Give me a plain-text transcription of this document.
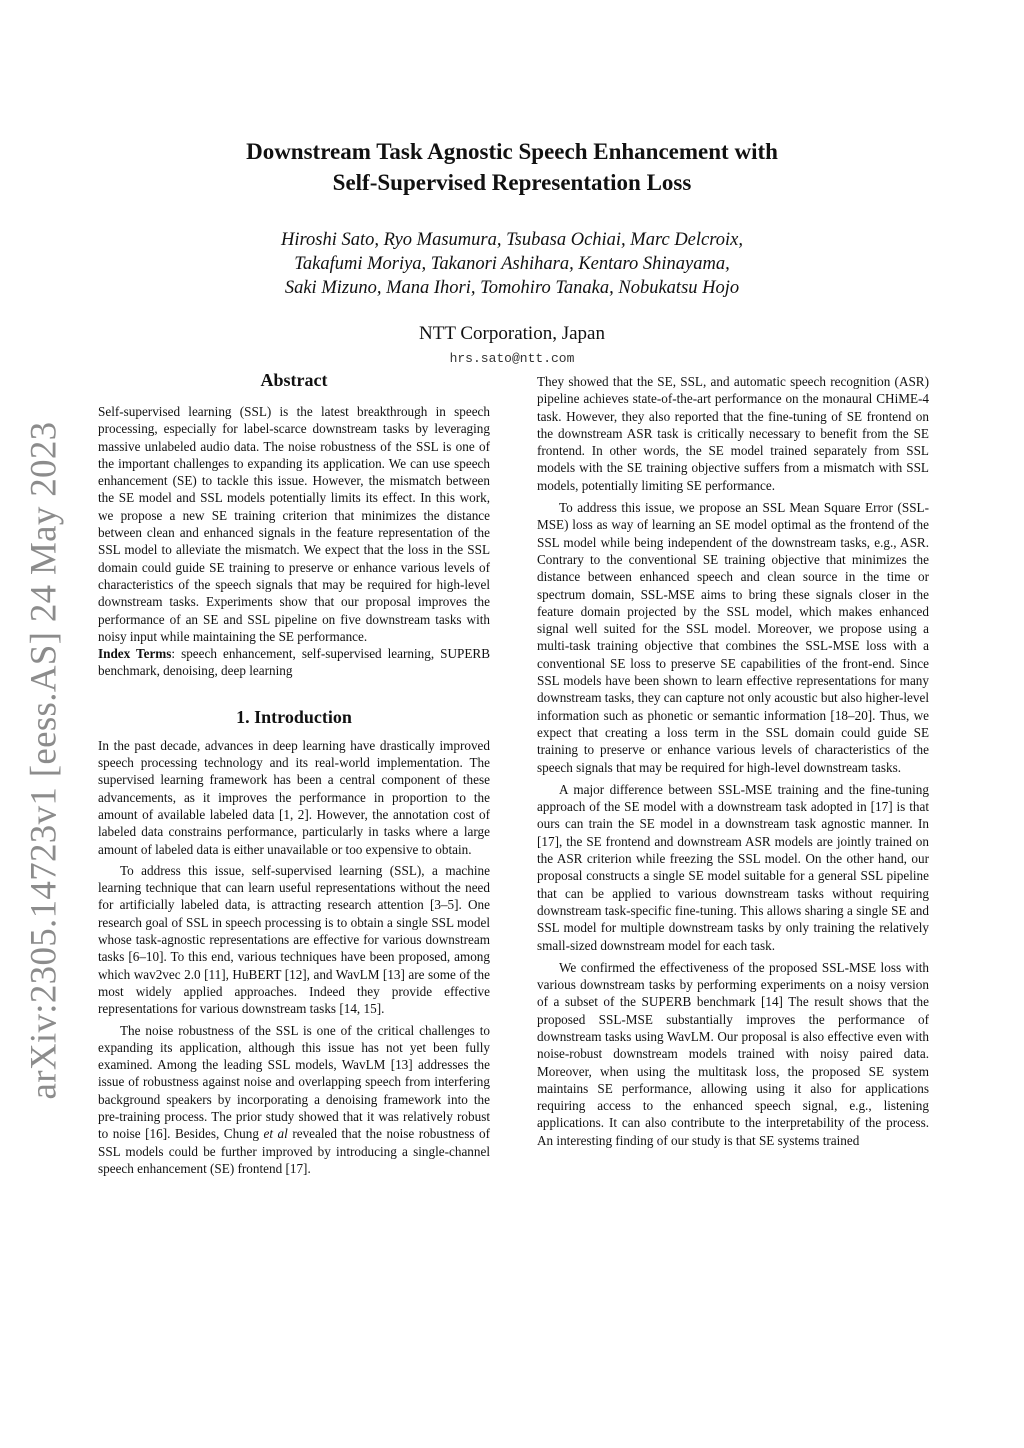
arXiv:2305.14723v1 [eess.AS] 24 May 2023
Downstream Task Agnostic Speech Enhancement with
Self-Supervised Representation Loss
Hiroshi Sato, Ryo Masumura, Tsubasa Ochiai, Marc Delcroix,
Takafumi Moriya, Takanori Ashihara, Kentaro Shinayama,
Saki Mizuno, Mana Ihori, Tomohiro Tanaka, Nobukatsu Hojo
NTT Corporation, Japan
hrs.sato@ntt.com
Abstract

Self-supervised learning (SSL) is the latest breakthrough in speech processing, especially for label-scarce downstream tasks by leveraging massive unlabeled audio data. The noise robustness of the SSL is one of the important challenges to expanding its application. We can use speech enhancement (SE) to tackle this issue. However, the mismatch between the SE model and SSL models potentially limits its effect. In this work, we propose a new SE training criterion that minimizes the distance between clean and enhanced signals in the feature representation of the SSL model to alleviate the mismatch. We expect that the loss in the SSL domain could guide SE training to preserve or enhance various levels of characteristics of the speech signals that may be required for high-level downstream tasks. Experiments show that our proposal improves the performance of an SE and SSL pipeline on five downstream tasks with noisy input while maintaining the SE performance.

Index Terms: speech enhancement, self-supervised learning, SUPERB benchmark, denoising, deep learning

1. Introduction

In the past decade, advances in deep learning have drastically improved speech processing technology and its real-world implementation. The supervised learning framework has been a central component of these advancements, as it improves the performance in proportion to the amount of available labeled data [1, 2]. However, the annotation cost of labeled data constrains performance, particularly in tasks where a large amount of labeled data is either unavailable or too expensive to obtain.

To address this issue, self-supervised learning (SSL), a machine learning technique that can learn useful representations without the need for artificially labeled data, is attracting research attention [3–5]. One research goal of SSL in speech processing is to obtain a single SSL model whose task-agnostic representations are effective for various downstream tasks [6–10]. To this end, various techniques have been proposed, among which wav2vec 2.0 [11], HuBERT [12], and WavLM [13] are some of the most widely applied approaches. Indeed they provide effective representations for various downstream tasks [14, 15].

The noise robustness of the SSL is one of the critical challenges to expanding its application, although this issue has not yet been fully examined. Among the leading SSL models, WavLM [13] addresses the issue of robustness against noise and overlapping speech from interfering background speakers by incorporating a denoising framework into the pre-training process. The prior study showed that it was relatively robust to noise [16]. Besides, Chung et al revealed that the noise robustness of SSL models could be further improved by introducing a single-channel speech enhancement (SE) frontend [17].

They showed that the SE, SSL, and automatic speech recognition (ASR) pipeline achieves state-of-the-art performance on the monaural CHiME-4 task. However, they also reported that the fine-tuning of SE frontend on the downstream ASR task is critically necessary to benefit from the SE frontend. In other words, the SE model trained separately from SSL models with the SE training objective suffers from a mismatch with SSL models, potentially limiting SE performance.

To address this issue, we propose an SSL Mean Square Error (SSL-MSE) loss as way of learning an SE model optimal as the frontend of the SSL model while being independent of the downstream tasks, e.g., ASR. Contrary to the conventional SE training objective that minimizes the distance between enhanced speech and clean source in the time or spectrum domain, SSL-MSE aims to bring these signals closer in the feature domain projected by the SSL model, which makes enhanced signal well suited for the SSL model. Moreover, we propose using a multi-task training objective that combines the SSL-MSE loss with a conventional SE loss to preserve SE capabilities of the front-end. Since SSL models have been shown to learn effective representations for many downstream tasks, they can capture not only acoustic but also higher-level information such as phonetic or semantic information [18–20]. Thus, we expect that creating a loss term in the SSL domain could guide SE training to preserve or enhance various levels of characteristics of the speech signals that may be required for high-level downstream tasks.

A major difference between SSL-MSE training and the fine-tuning approach of the SE model with a downstream task adopted in [17] is that ours can train the SE model in a downstream task agnostic manner. In [17], the SE frontend and downstream ASR models are jointly trained on the ASR criterion while freezing the SSL model. On the other hand, our proposal constructs a single SE model suitable for a general SSL pipeline that can be applied to various downstream tasks without requiring downstream task-specific fine-tuning. This allows sharing a single SE and SSL model for multiple downstream tasks by only training the relatively small-sized downstream model for each task.

We confirmed the effectiveness of the proposed SSL-MSE loss with various downstream tasks by performing experiments on a noisy version of a subset of the SUPERB benchmark [14] The result shows that the proposed SSL-MSE substantially improves the performance of downstream tasks using WavLM. Our proposal is also effective even with noise-robust downstream models trained with noisy paired data. Moreover, when using the multitask loss, the proposed SE system maintains SE performance, allowing using it also for applications requiring access to the enhanced speech signal, e.g., listening applications. It can also contribute to the interpretability of the process. An interesting finding of our study is that SE systems trained
